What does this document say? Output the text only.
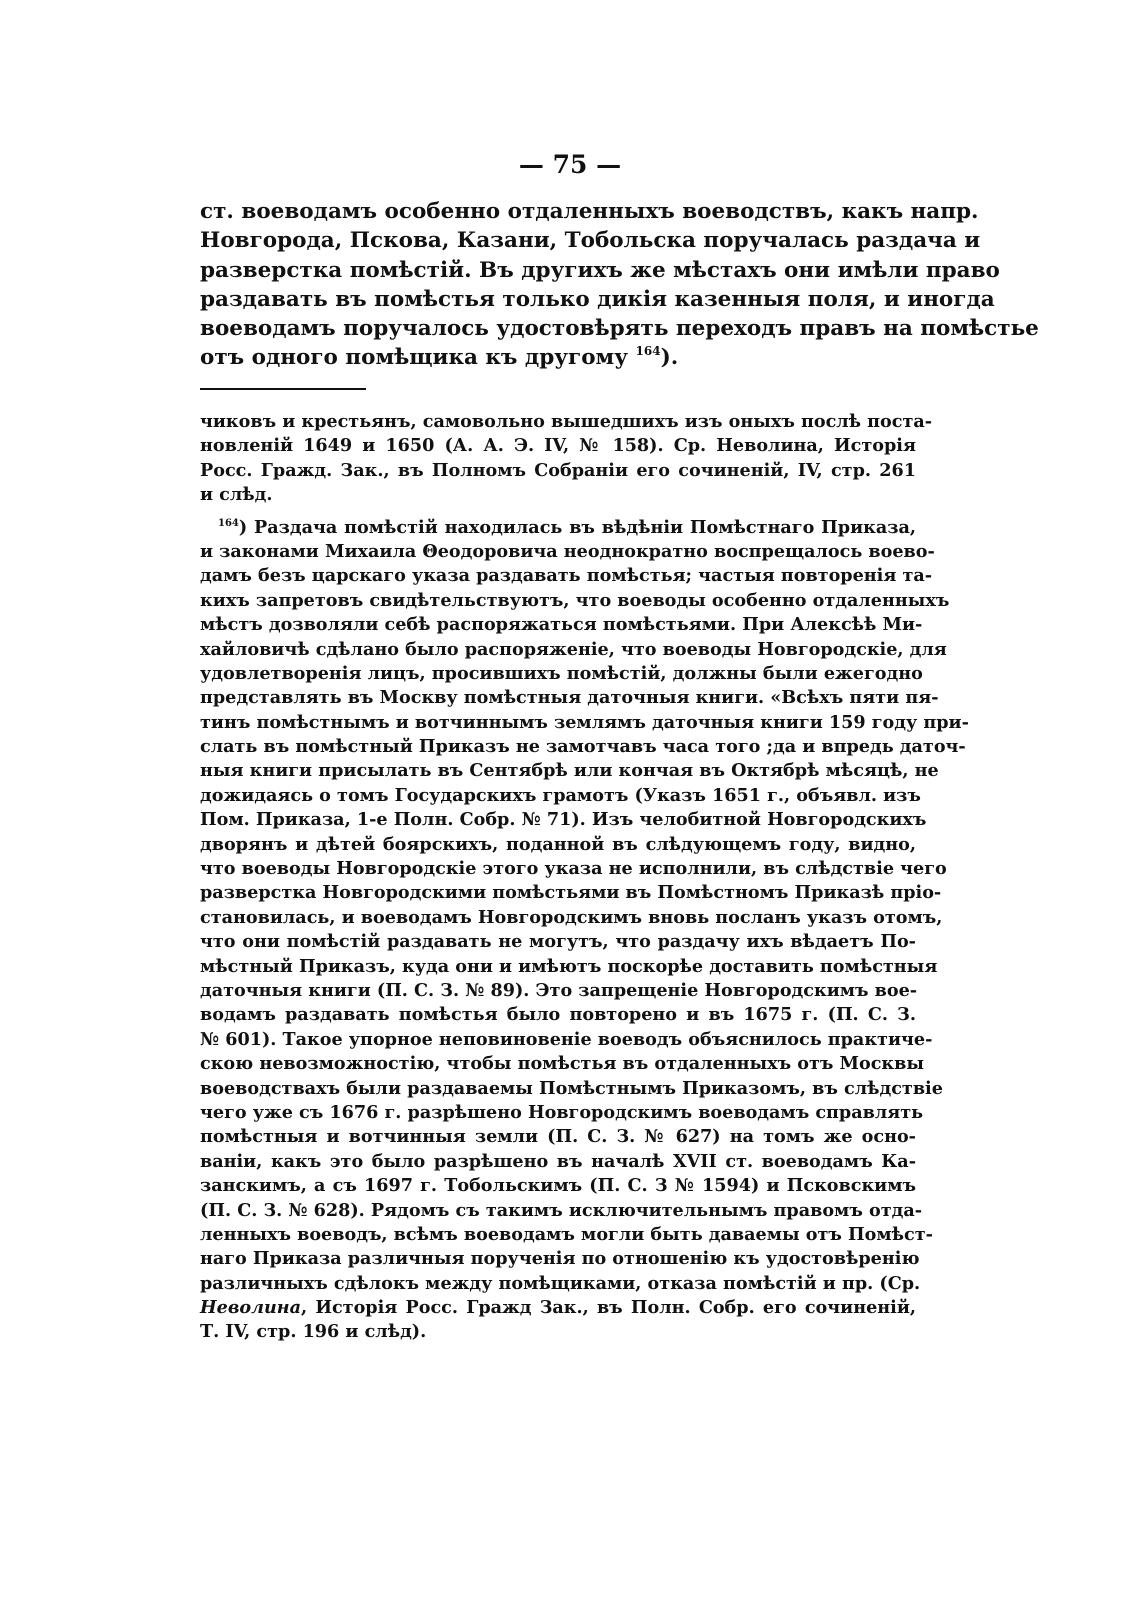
— 75 —
ст. воеводамъ особенно отдаленныхъ воеводствъ, какъ напр.
Новгорода, Пскова, Казани, Тобольска поручалась раздача и
разверстка помѣстій. Въ другихъ же мѣстахъ они имѣли право
раздавать въ помѣстья только дикія казенныя поля, и иногда
воеводамъ поручалось удостовѣрять переходъ правъ на помѣстье
отъ одного помѣщика къ другому $^{164}$).
чиковъ и крестьянъ, самовольно вышедшихъ изъ оныхъ послѣ поста-
новленій 1649 и 1650 (А. А. Э. IV, № 158). Ср. Неволина, Исторія
Росс. Гражд. Зак., въ Полномъ Собраніи его сочиненій, IV, стр. 261
и слѣд.
$^{164}$) Раздача помѣстій находилась въ вѣдѣніи Помѣстнаго Приказа,
и законами Михаила Θеодоровича неоднократно воспрещалось воево-
дамъ безъ царскаго указа раздавать помѣстья; частыя повторенія та-
кихъ запретовъ свидѣтельствуютъ, что воеводы особенно отдаленныхъ
мѣстъ дозволяли себѣ распоряжаться помѣстьями. При Алексѣѣ Ми-
хайловичѣ сдѣлано было распоряженіе, что воеводы Новгородскіе, для
удовлетворенія лицъ, просившихъ помѣстій, должны были ежегодно
представлять въ Москву помѣстныя даточныя книги. «Всѣхъ пяти пя-
тинъ помѣстнымъ и вотчиннымъ землямъ даточныя книги 159 году при-
слать въ помѣстный Приказъ не замотчавъ часа того ;да и впредь даточ-
ныя книги присылать въ Сентябрѣ или кончая въ Октябрѣ мѣсяцѣ, не
дожидаясь о томъ Государскихъ грамотъ (Указъ 1651 г., объявл. изъ
Пом. Приказа, 1-е Полн. Собр. № 71). Изъ челобитной Новгородскихъ
дворянъ и дѣтей боярскихъ, поданной въ слѣдующемъ году, видно,
что воеводы Новгородскіе этого указа не исполнили, въ слѣдствіе чего
разверстка Новгородскими помѣстьями въ Помѣстномъ Приказѣ пріо-
становилась, и воеводамъ Новгородскимъ вновь посланъ указъ отомъ,
что они помѣстій раздавать не могутъ, что раздачу ихъ вѣдаетъ По-
мѣстный Приказъ, куда они и имѣютъ поскорѣе доставить помѣстныя
даточныя книги (П. С. З. № 89). Это запрещеніе Новгородскимъ вое-
водамъ раздавать помѣстья было повторено и въ 1675 г. (П. С. З.
№ 601). Такое упорное неповиновеніе воеводъ объяснилось практиче-
скою невозможностію, чтобы помѣстья въ отдаленныхъ отъ Москвы
воеводствахъ были раздаваемы Помѣстнымъ Приказомъ, въ слѣдствіе
чего уже съ 1676 г. разрѣшено Новгородскимъ воеводамъ справлять
помѣстныя и вотчинныя земли (П. С. З. № 627) на томъ же осно-
ваніи, какъ это было разрѣшено въ началѣ XVII ст. воеводамъ Ка-
занскимъ, а съ 1697 г. Тобольскимъ (П. С. З № 1594) и Псковскимъ
(П. С. З. № 628). Рядомъ съ такимъ исключительнымъ правомъ отда-
ленныхъ воеводъ, всѣмъ воеводамъ могли быть даваемы отъ Помѣст-
наго Приказа различныя порученія по отношенію къ удостовѣренію
различныхъ сдѣлокъ между помѣщиками, отказа помѣстій и пр. (Ср.
Неволина, Исторія Росс. Гражд Зак., въ Полн. Собр. его сочиненій,
Т. IV, стр. 196 и слѣд).
